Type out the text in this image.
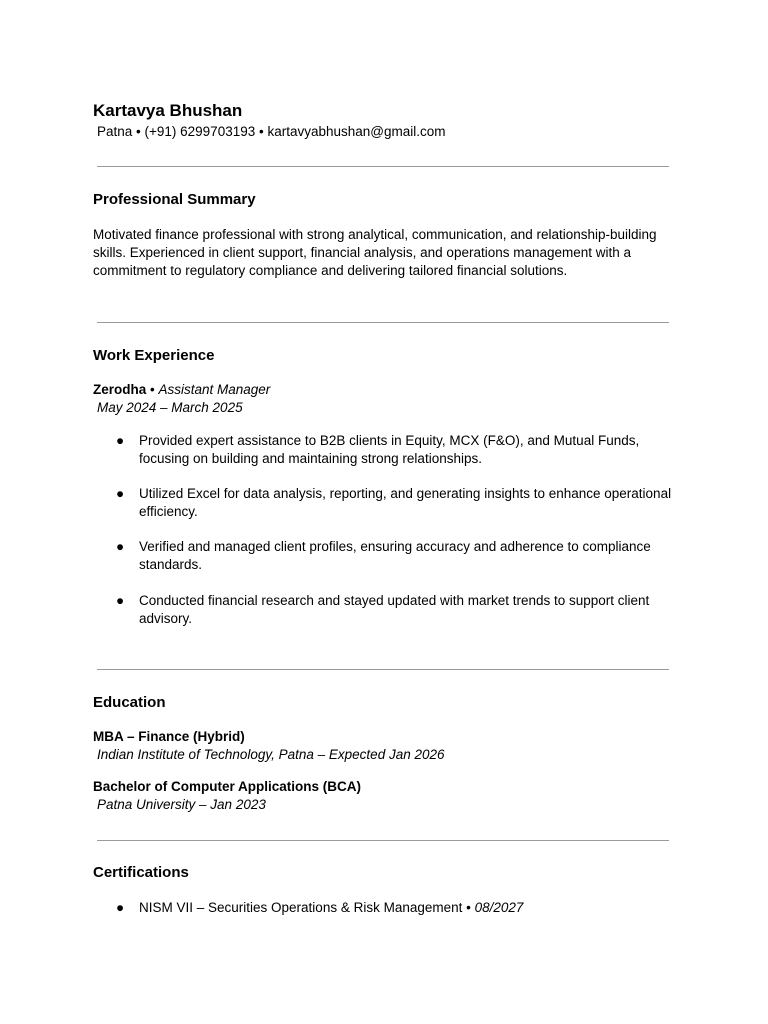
Kartavya Bhushan
Patna • (+91) 6299703193 • kartavyabhushan@gmail.com
Professional Summary
Motivated finance professional with strong analytical, communication, and relationship-building skills. Experienced in client support, financial analysis, and operations management with a commitment to regulatory compliance and delivering tailored financial solutions.
Work Experience
Zerodha • Assistant Manager
May 2024 – March 2025
● Provided expert assistance to B2B clients in Equity, MCX (F&O), and Mutual Funds, focusing on building and maintaining strong relationships.
● Utilized Excel for data analysis, reporting, and generating insights to enhance operational efficiency.
● Verified and managed client profiles, ensuring accuracy and adherence to compliance standards.
● Conducted financial research and stayed updated with market trends to support client advisory.
Education
MBA – Finance (Hybrid)
Indian Institute of Technology, Patna – Expected Jan 2026
Bachelor of Computer Applications (BCA)
Patna University – Jan 2023
Certifications
● NISM VII – Securities Operations & Risk Management • 08/2027
